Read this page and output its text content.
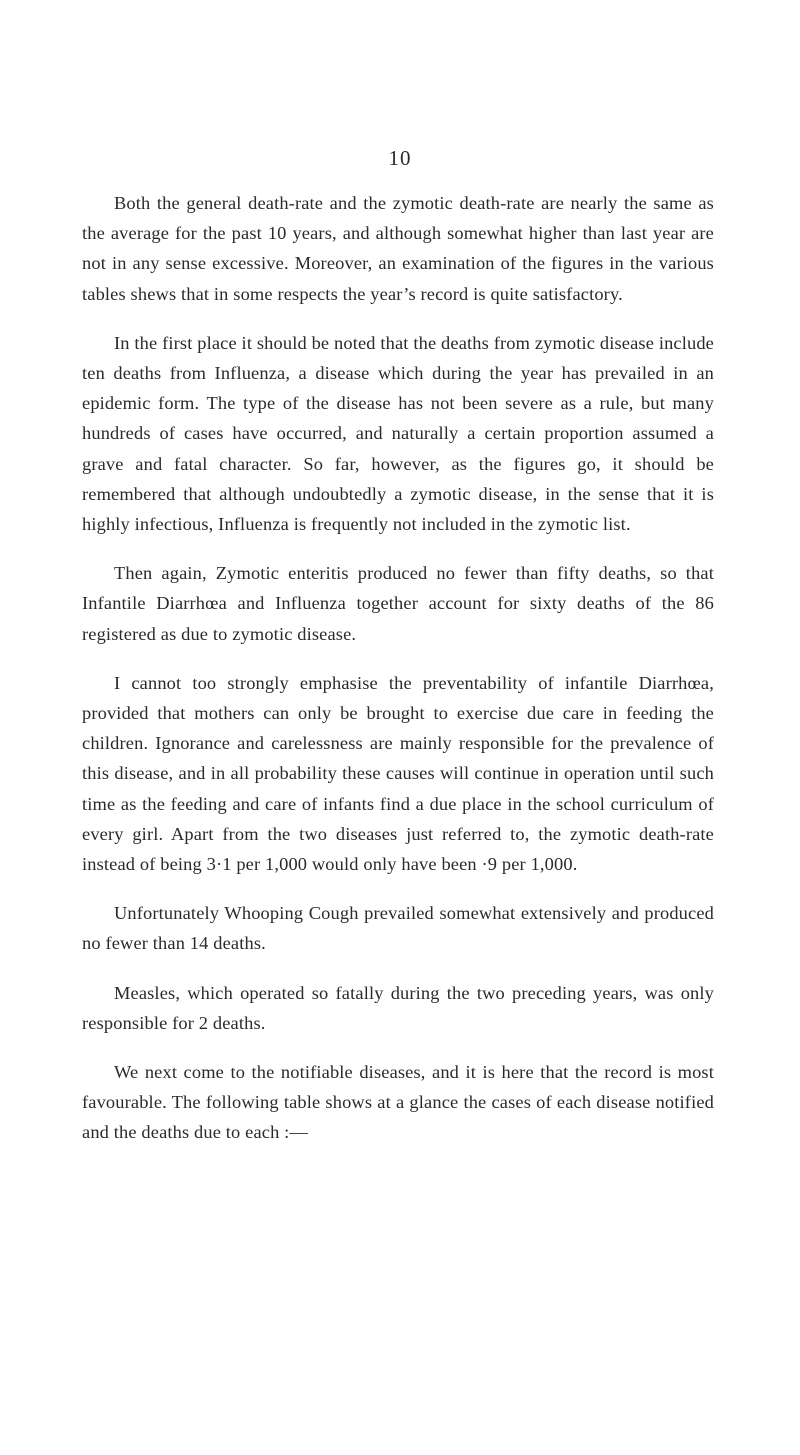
10

Both the general death-rate and the zymotic death-rate are nearly the same as the average for the past 10 years, and although somewhat higher than last year are not in any sense excessive. Moreover, an examination of the figures in the various tables shews that in some respects the year’s record is quite satisfactory.

In the first place it should be noted that the deaths from zymotic disease include ten deaths from Influenza, a disease which during the year has prevailed in an epidemic form. The type of the disease has not been severe as a rule, but many hundreds of cases have occurred, and naturally a certain proportion assumed a grave and fatal character. So far, however, as the figures go, it should be remembered that although undoubtedly a zymotic disease, in the sense that it is highly infectious, Influenza is frequently not included in the zymotic list.

Then again, Zymotic enteritis produced no fewer than fifty deaths, so that Infantile Diarrhœa and Influenza together account for sixty deaths of the 86 registered as due to zymotic disease.

I cannot too strongly emphasise the preventability of infantile Diarrhœa, provided that mothers can only be brought to exercise due care in feeding the children. Ignorance and carelessness are mainly responsible for the prevalence of this disease, and in all probability these causes will continue in operation until such time as the feeding and care of infants find a due place in the school curriculum of every girl. Apart from the two diseases just referred to, the zymotic death-rate instead of being 3·1 per 1,000 would only have been ·9 per 1,000.

Unfortunately Whooping Cough prevailed somewhat extensively and produced no fewer than 14 deaths.

Measles, which operated so fatally during the two preceding years, was only responsible for 2 deaths.

We next come to the notifiable diseases, and it is here that the record is most favourable. The following table shows at a glance the cases of each disease notified and the deaths due to each :—
